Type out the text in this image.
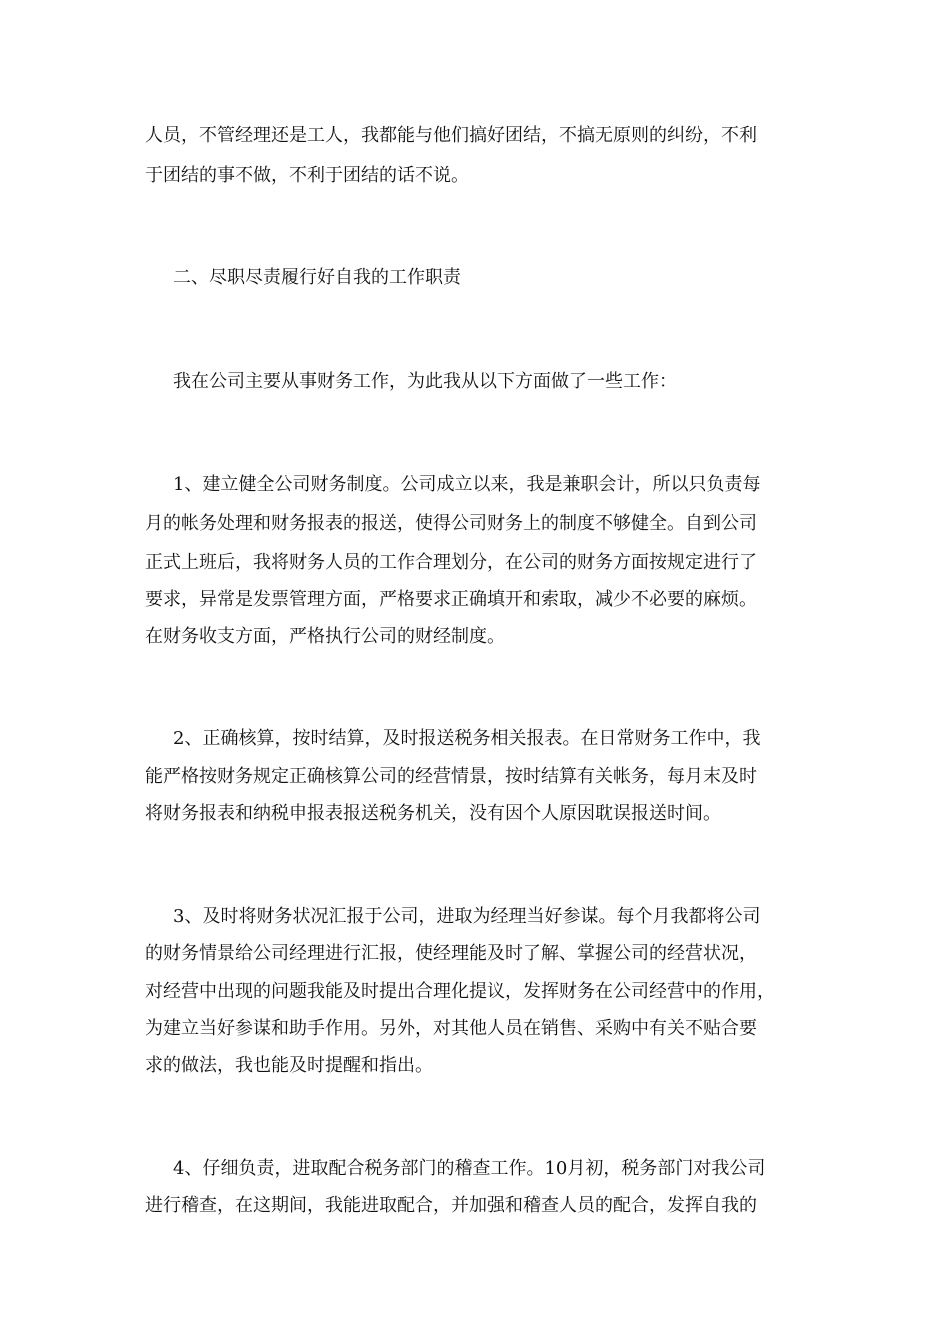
人员，不管经理还是工人，我都能与他们搞好团结，不搞无原则的纠纷，不利
于团结的事不做，不利于团结的话不说。
二、尽职尽责履行好自我的工作职责
我在公司主要从事财务工作，为此我从以下方面做了一些工作：
1、建立健全公司财务制度。公司成立以来，我是兼职会计，所以只负责每
月的帐务处理和财务报表的报送，使得公司财务上的制度不够健全。自到公司
正式上班后，我将财务人员的工作合理划分，在公司的财务方面按规定进行了
要求，异常是发票管理方面，严格要求正确填开和索取，减少不必要的麻烦。
在财务收支方面，严格执行公司的财经制度。
2、正确核算，按时结算，及时报送税务相关报表。在日常财务工作中，我
能严格按财务规定正确核算公司的经营情景，按时结算有关帐务，每月末及时
将财务报表和纳税申报表报送税务机关，没有因个人原因耽误报送时间。
3、及时将财务状况汇报于公司，进取为经理当好参谋。每个月我都将公司
的财务情景给公司经理进行汇报，使经理能及时了解、掌握公司的经营状况，
对经营中出现的问题我能及时提出合理化提议，发挥财务在公司经营中的作用，
为建立当好参谋和助手作用。另外，对其他人员在销售、采购中有关不贴合要
求的做法，我也能及时提醒和指出。
4、仔细负责，进取配合税务部门的稽查工作。10月初，税务部门对我公司
进行稽查，在这期间，我能进取配合，并加强和稽查人员的配合，发挥自我的
